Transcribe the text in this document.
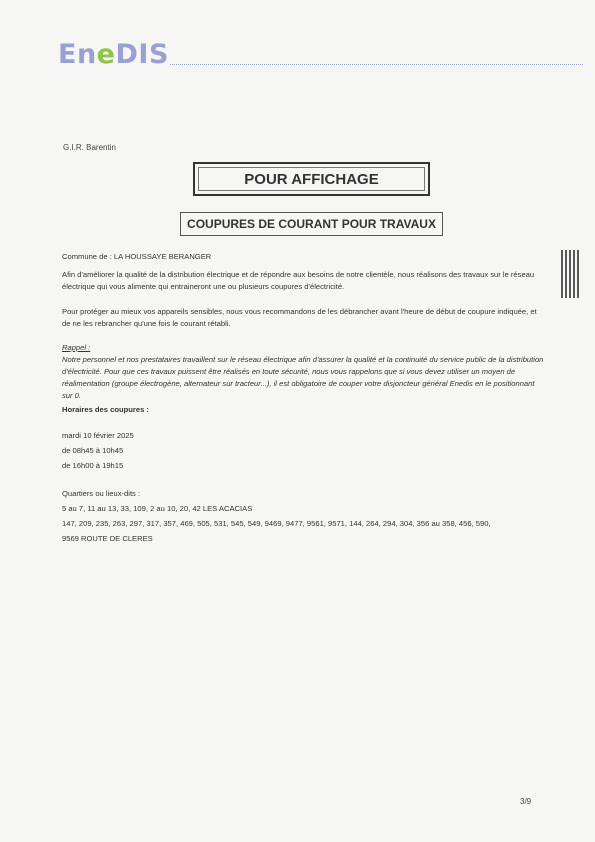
EneDIS
G.I.R. Barentin
POUR AFFICHAGE
COUPURES DE COURANT POUR TRAVAUX
Commune de : LA HOUSSAYE BERANGER
Afin d'améliorer la qualité de la distribution électrique et de répondre aux besoins de notre clientèle, nous réalisons des travaux sur le réseau électrique qui vous alimente qui entraineront une ou plusieurs coupures d'électricité.
Pour protéger au mieux vos appareils sensibles, nous vous recommandons de les débrancher avant l'heure de début de coupure indiquée, et de ne les rebrancher qu'une fois le courant rétabli.
Rappel :
Notre personnel et nos prestataires travaillent sur le réseau électrique afin d'assurer la qualité et la continuité du service public de la distribution d'électricité. Pour que ces travaux puissent être réalisés en toute sécurité, nous vous rappelons que si vous devez utiliser un moyen de réalimentation (groupe électrogène, alternateur sur tracteur...), il est obligatoire de couper votre disjoncteur général Enedis en le positionnant sur 0.
Horaires des coupures :
mardi 10 février 2025
de 08h45 à 10h45
de 16h00 à 19h15
Quartiers ou lieux-dits :
5 au 7, 11 au 13, 33, 109, 2 au 10, 20, 42 LES ACACIAS
147, 209, 235, 263, 297, 317, 357, 469, 505, 531, 545, 549, 9469, 9477, 9561, 9571, 144, 264, 294, 304, 356 au 358, 456, 590,
9569 ROUTE DE CLERES
3/9
